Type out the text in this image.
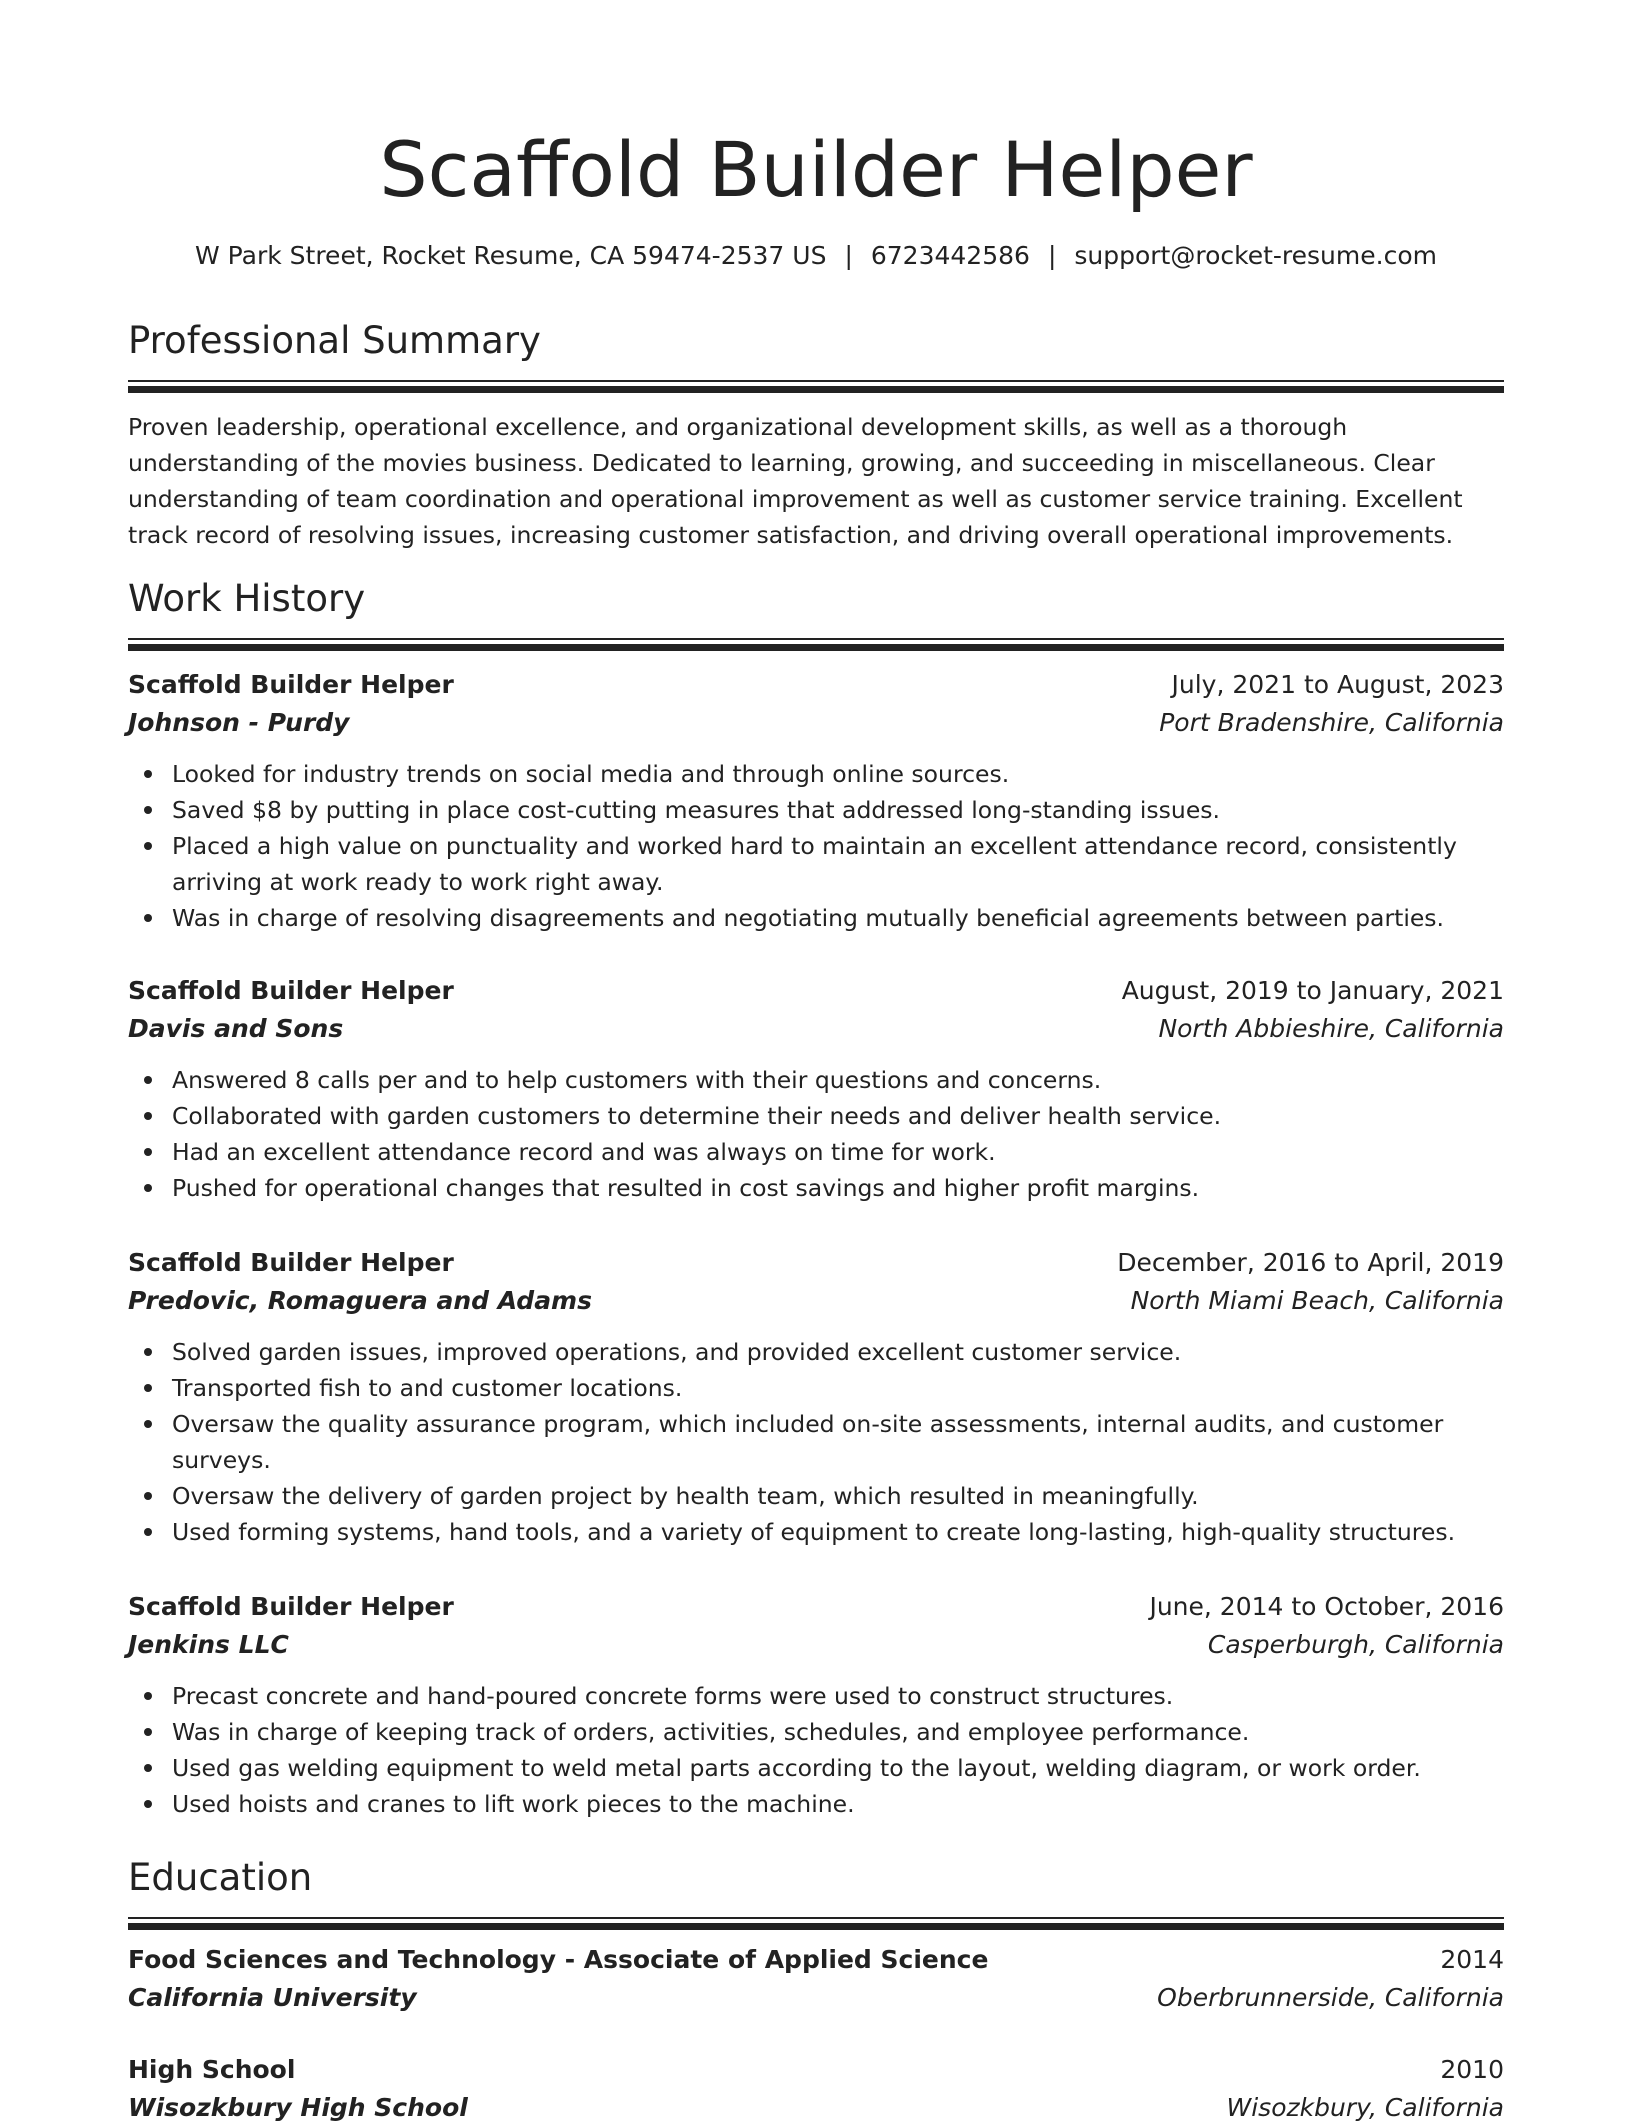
Scaffold Builder Helper
W Park Street, Rocket Resume, CA 59474-2537 US | 6723442586 | support@rocket-resume.com
Professional Summary
Proven leadership, operational excellence, and organizational development skills, as well as a thorough understanding of the movies business. Dedicated to learning, growing, and succeeding in miscellaneous. Clear understanding of team coordination and operational improvement as well as customer service training. Excellent track record of resolving issues, increasing customer satisfaction, and driving overall operational improvements.
Work History
Scaffold Builder Helper	July, 2021 to August, 2023
Johnson - Purdy	Port Bradenshire, California
Looked for industry trends on social media and through online sources.
Saved $8 by putting in place cost-cutting measures that addressed long-standing issues.
Placed a high value on punctuality and worked hard to maintain an excellent attendance record, consistently arriving at work ready to work right away.
Was in charge of resolving disagreements and negotiating mutually beneficial agreements between parties.
Scaffold Builder Helper	August, 2019 to January, 2021
Davis and Sons	North Abbieshire, California
Answered 8 calls per and to help customers with their questions and concerns.
Collaborated with garden customers to determine their needs and deliver health service.
Had an excellent attendance record and was always on time for work.
Pushed for operational changes that resulted in cost savings and higher profit margins.
Scaffold Builder Helper	December, 2016 to April, 2019
Predovic, Romaguera and Adams	North Miami Beach, California
Solved garden issues, improved operations, and provided excellent customer service.
Transported fish to and customer locations.
Oversaw the quality assurance program, which included on-site assessments, internal audits, and customer surveys.
Oversaw the delivery of garden project by health team, which resulted in meaningfully.
Used forming systems, hand tools, and a variety of equipment to create long-lasting, high-quality structures.
Scaffold Builder Helper	June, 2014 to October, 2016
Jenkins LLC	Casperburgh, California
Precast concrete and hand-poured concrete forms were used to construct structures.
Was in charge of keeping track of orders, activities, schedules, and employee performance.
Used gas welding equipment to weld metal parts according to the layout, welding diagram, or work order.
Used hoists and cranes to lift work pieces to the machine.
Education
Food Sciences and Technology - Associate of Applied Science	2014
California University	Oberbrunnerside, California
High School	2010
Wisozkbury High School	Wisozkbury, California
